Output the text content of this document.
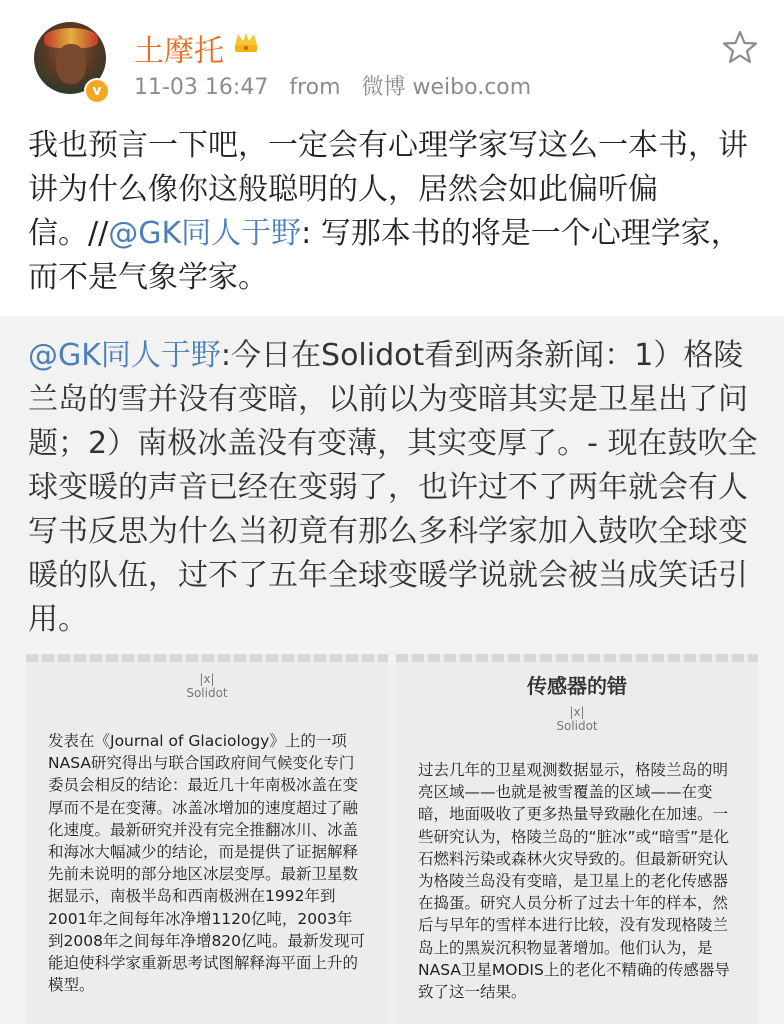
v
土摩托
11-03 16:47 from 微博 weibo.com
我也预言一下吧，一定会有心理学家写这么一本书，讲讲为什么像你这般聪明的人，居然会如此偏听偏信。//@GK同人于野: 写那本书的将是一个心理学家，而不是气象学家。
@GK同人于野:今日在Solidot看到两条新闻：1）格陵兰岛的雪并没有变暗，以前以为变暗其实是卫星出了问题；2）南极冰盖没有变薄，其实变厚了。- 现在鼓吹全球变暖的声音已经在变弱了，也许过不了两年就会有人写书反思为什么当初竟有那么多科学家加入鼓吹全球变暖的队伍，过不了五年全球变暖学说就会被当成笑话引用。
|x|
Solidot
发表在《Journal of Glaciology》上的一项NASA研究得出与联合国政府间气候变化专门委员会相反的结论：最近几十年南极冰盖在变厚而不是在变薄。冰盖冰增加的速度超过了融化速度。最新研究并没有完全推翻冰川、冰盖和海冰大幅减少的结论，而是提供了证据解释先前未说明的部分地区冰层变厚。最新卫星数据显示，南极半岛和西南极洲在1992年到2001年之间每年冰净增1120亿吨，2003年到2008年之间每年净增820亿吨。最新发现可能迫使科学家重新思考试图解释海平面上升的模型。
传感器的错
|x|
Solidot
过去几年的卫星观测数据显示，格陵兰岛的明亮区域——也就是被雪覆盖的区域——在变暗，地面吸收了更多热量导致融化在加速。一些研究认为，格陵兰岛的“脏冰”或“暗雪”是化石燃料污染或森林火灾导致的。但最新研究认为格陵兰岛没有变暗，是卫星上的老化传感器在捣蛋。研究人员分析了过去十年的样本，然后与早年的雪样本进行比较，没有发现格陵兰岛上的黑炭沉积物显著增加。他们认为，是NASA卫星MODIS上的老化不精确的传感器导致了这一结果。
